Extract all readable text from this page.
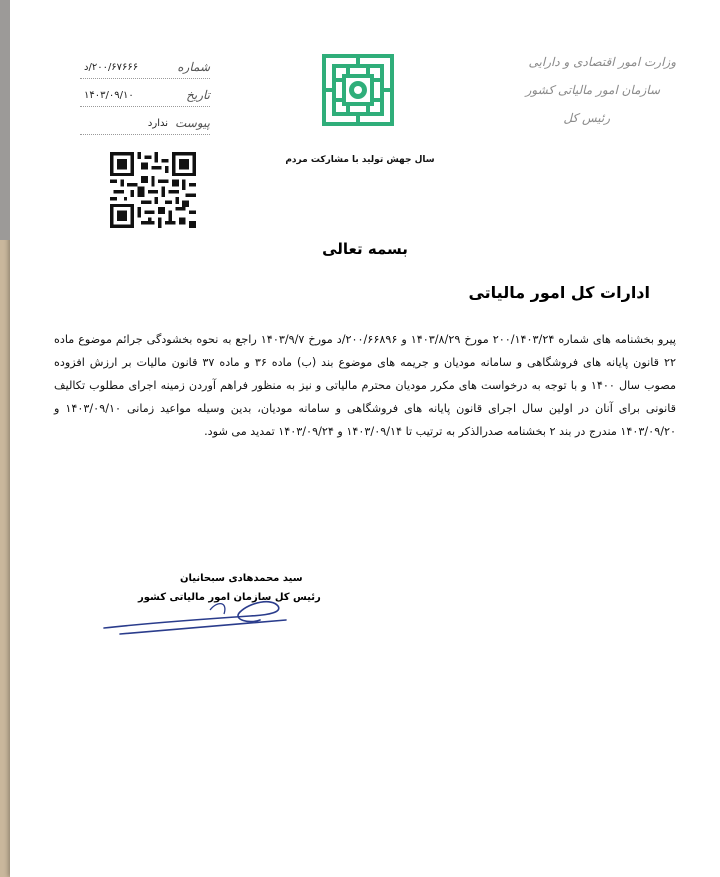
شماره
۲۰۰/۶۷۶۶۶/د
تاریخ
۱۴۰۳/۰۹/۱۰
پیوست
ندارد
وزارت امور اقتصادی و دارایی
سازمان امور مالیاتی کشور
رئیس کل
سال جهش تولید با مشارکت مردم
بسمه تعالی
ادارات کل امور مالیاتی
پیرو بخشنامه های شماره ۲۰۰/۱۴۰۳/۲۴ مورخ ۱۴۰۳/۸/۲۹ و ۲۰۰/۶۶۸۹۶/د مورخ ۱۴۰۳/۹/۷ راجع به نحوه بخشودگی جرائم موضوع ماده ۲۲ قانون پایانه های فروشگاهی و سامانه مودیان و جریمه های موضوع بند (ب) ماده ۳۶ و ماده ۳۷ قانون مالیات بر ارزش افزوده مصوب سال ۱۴۰۰ و با توجه به درخواست های مکرر مودیان محترم مالیاتی و نیز به منظور فراهم آوردن زمینه اجرای مطلوب تکالیف قانونی برای آنان در اولین سال اجرای قانون پایانه های فروشگاهی و سامانه مودیان، بدین وسیله مواعید زمانی ۱۴۰۳/۰۹/۱۰ و ۱۴۰۳/۰۹/۲۰ مندرج در بند ۲ بخشنامه صدرالذکر به ترتیب تا ۱۴۰۳/۰۹/۱۴ و ۱۴۰۳/۰۹/۲۴ تمدید می شود.
سید محمدهادی سبحانیان
رئیس کل سازمان امور مالیاتی کشور
